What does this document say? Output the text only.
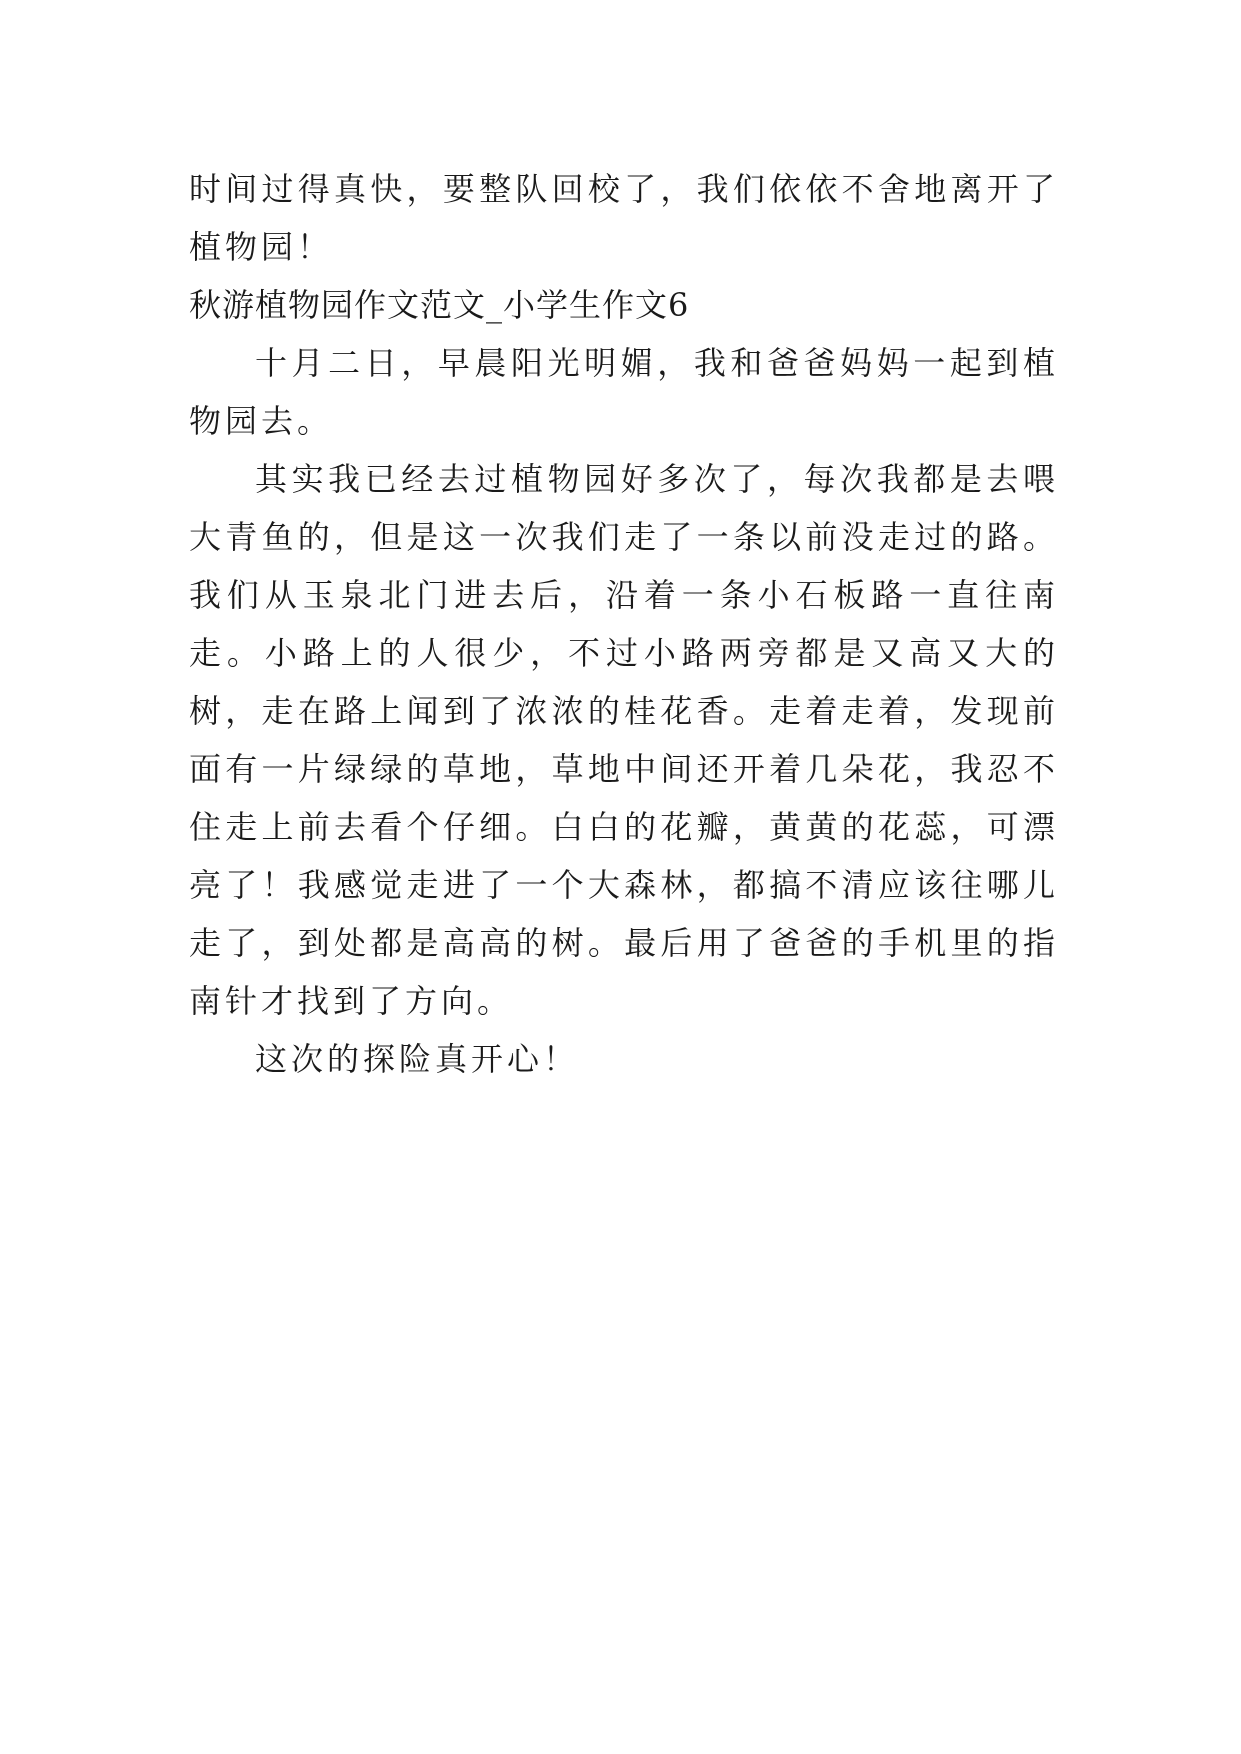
时间过得真快，要整队回校了，我们依依不舍地离开了植物园！

秋游植物园作文范文_小学生作文6

十月二日，早晨阳光明媚，我和爸爸妈妈一起到植物园去。

其实我已经去过植物园好多次了，每次我都是去喂大青鱼的，但是这一次我们走了一条以前没走过的路。我们从玉泉北门进去后，沿着一条小石板路一直往南走。小路上的人很少，不过小路两旁都是又高又大的树，走在路上闻到了浓浓的桂花香。走着走着，发现前面有一片绿绿的草地，草地中间还开着几朵花，我忍不住走上前去看个仔细。白白的花瓣，黄黄的花蕊，可漂亮了！我感觉走进了一个大森林，都搞不清应该往哪儿走了，到处都是高高的树。最后用了爸爸的手机里的指南针才找到了方向。

这次的探险真开心！
